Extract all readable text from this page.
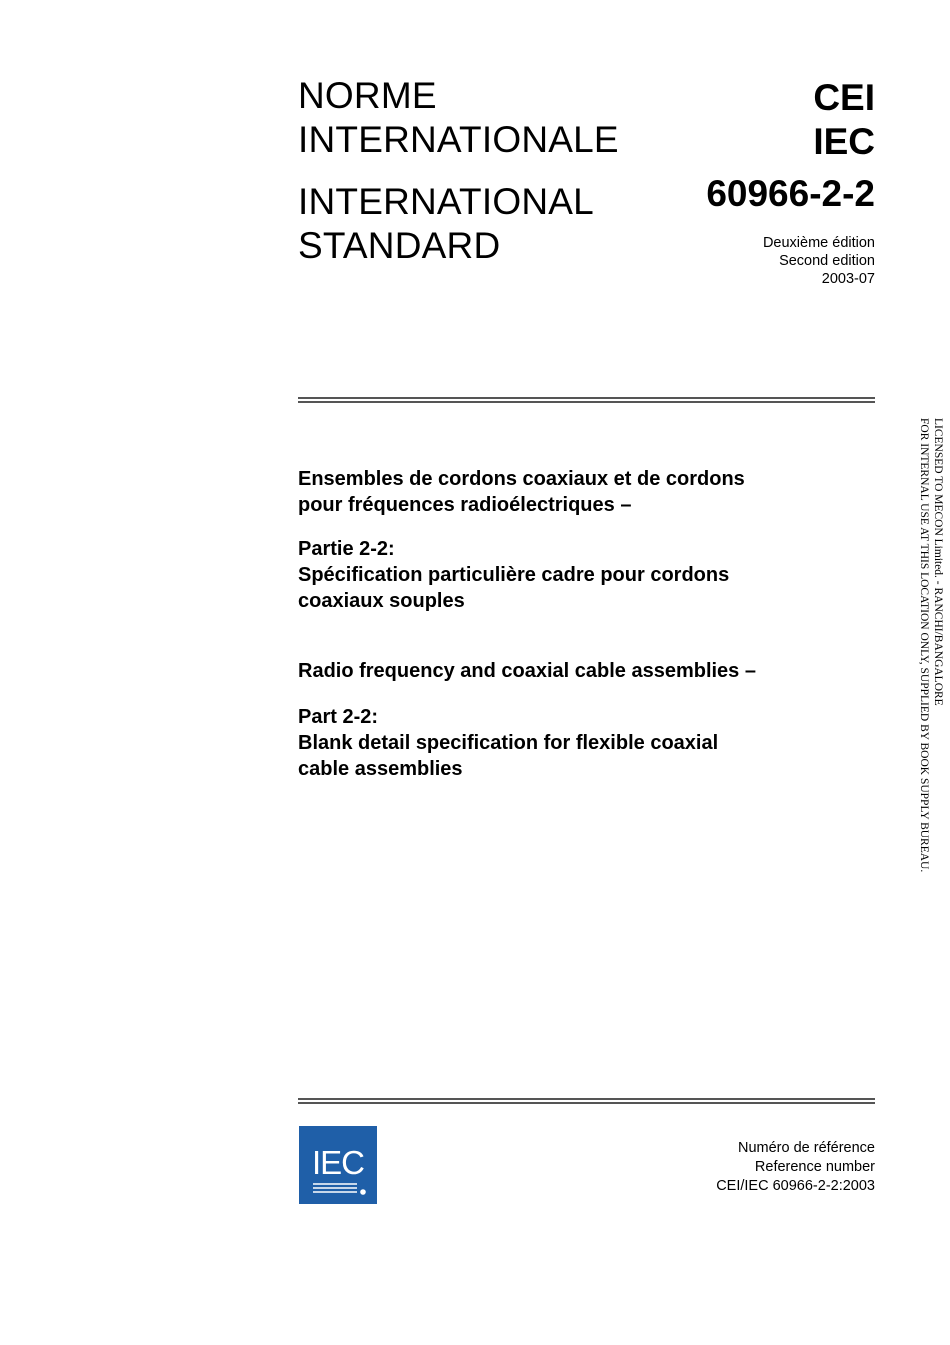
NORME
INTERNATIONALE
INTERNATIONAL
STANDARD
CEI
IEC
60966-2-2
Deuxième édition
Second edition
2003-07
Ensembles de cordons coaxiaux et de cordons
pour fréquences radioélectriques –
Partie 2-2:
Spécification particulière cadre pour cordons
coaxiaux souples
Radio frequency and coaxial cable assemblies –
Part 2-2:
Blank detail specification for flexible coaxial
cable assemblies
LICENSED TO MECON Limited. - RANCHI/BANGALORE
FOR INTERNAL USE AT THIS LOCATION ONLY, SUPPLIED BY BOOK SUPPLY BUREAU.
IEC	Numéro de référence
Reference number
CEI/IEC 60966-2-2:2003
